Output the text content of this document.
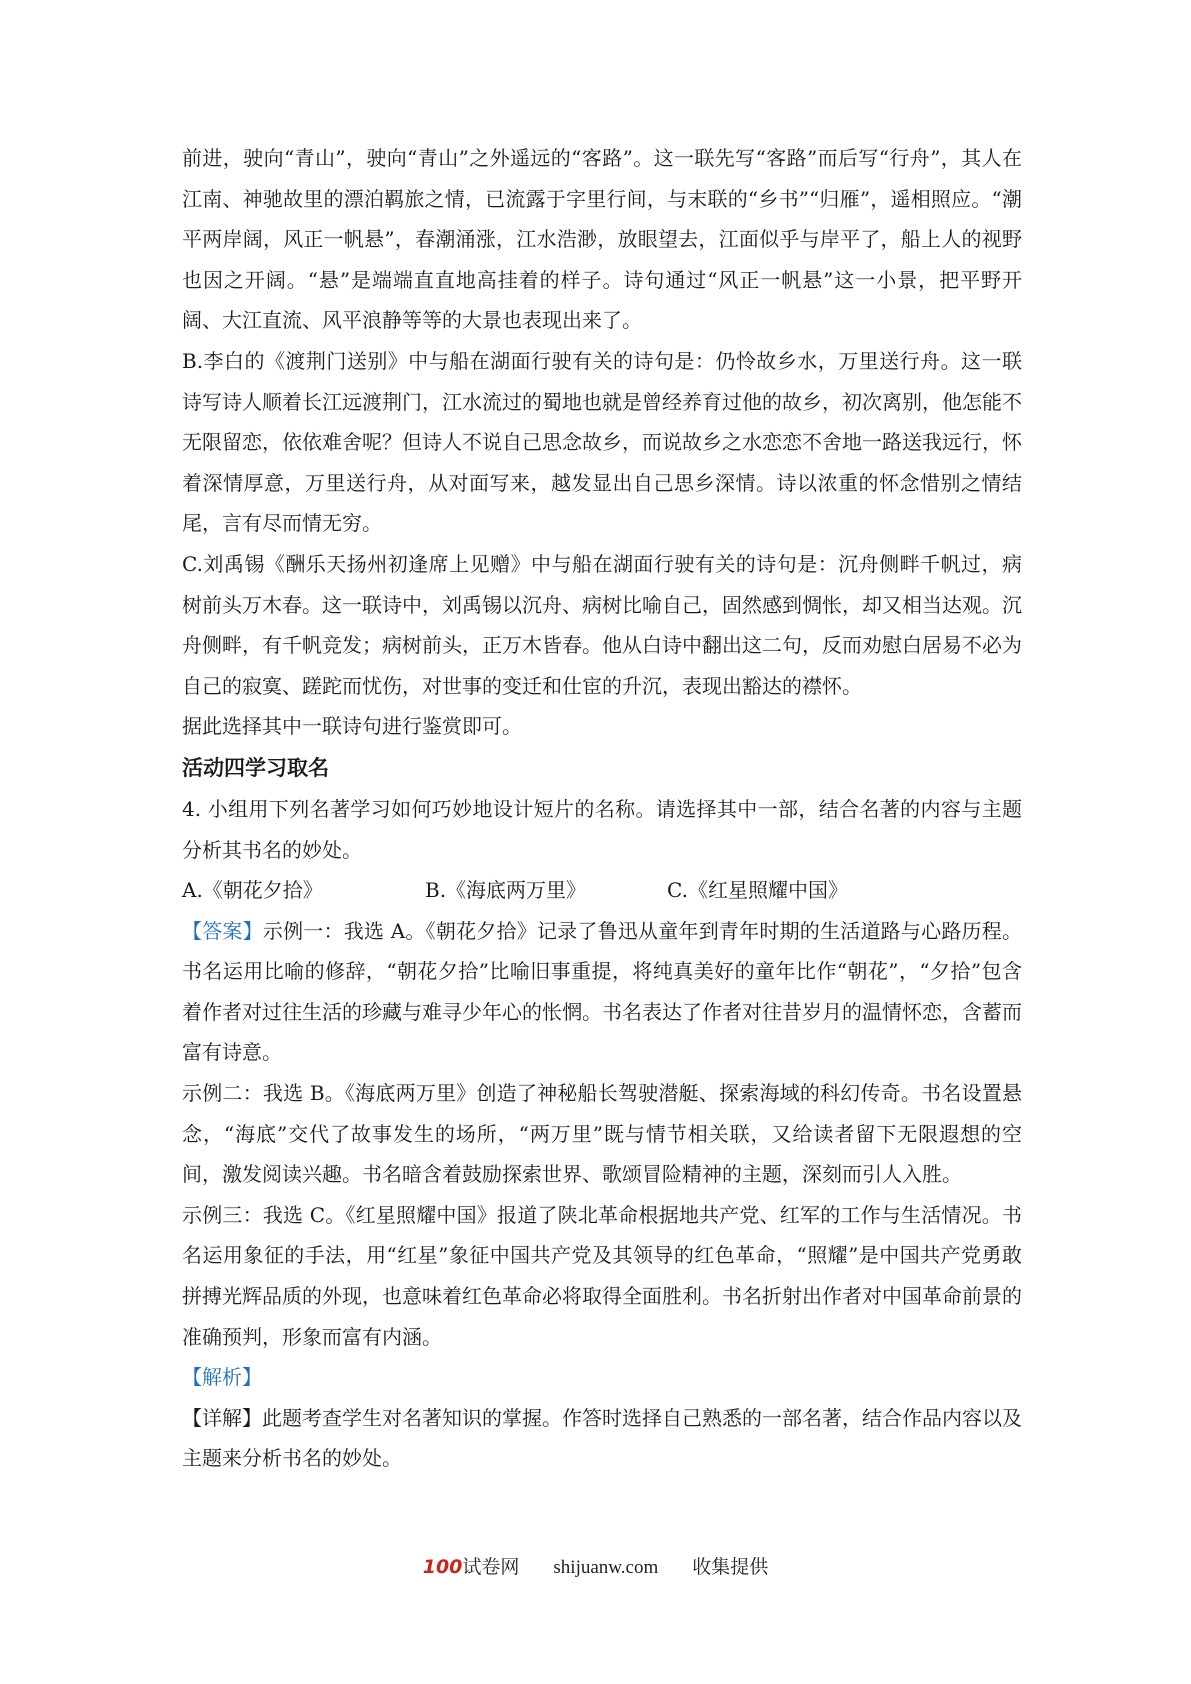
前进，驶向“青山”，驶向“青山”之外遥远的“客路”。这一联先写“客路”而后写“行舟”，其人在江南、神驰故里的漂泊羁旅之情，已流露于字里行间，与末联的“乡书”“归雁”，遥相照应。“潮平两岸阔，风正一帆悬”，春潮涌涨，江水浩渺，放眼望去，江面似乎与岸平了，船上人的视野也因之开阔。“悬”是端端直直地高挂着的样子。诗句通过“风正一帆悬”这一小景，把平野开阔、大江直流、风平浪静等等的大景也表现出来了。

B.李白的《渡荆门送别》中与船在湖面行驶有关的诗句是：仍怜故乡水，万里送行舟。这一联诗写诗人顺着长江远渡荆门，江水流过的蜀地也就是曾经养育过他的故乡，初次离别，他怎能不无限留恋，依依难舍呢？但诗人不说自己思念故乡，而说故乡之水恋恋不舍地一路送我远行，怀着深情厚意，万里送行舟，从对面写来，越发显出自己思乡深情。诗以浓重的怀念惜别之情结尾，言有尽而情无穷。

C.刘禹锡《酬乐天扬州初逢席上见赠》中与船在湖面行驶有关的诗句是：沉舟侧畔千帆过，病树前头万木春。这一联诗中，刘禹锡以沉舟、病树比喻自己，固然感到惆怅，却又相当达观。沉舟侧畔，有千帆竞发；病树前头，正万木皆春。他从白诗中翻出这二句，反而劝慰白居易不必为自己的寂寞、蹉跎而忧伤，对世事的变迁和仕宦的升沉，表现出豁达的襟怀。

据此选择其中一联诗句进行鉴赏即可。

活动四学习取名

4. 小组用下列名著学习如何巧妙地设计短片的名称。请选择其中一部，结合名著的内容与主题分析其书名的妙处。

A.《朝花夕拾》	B.《海底两万里》	C.《红星照耀中国》

【答案】示例一：我选 A。《朝花夕拾》记录了鲁迅从童年到青年时期的生活道路与心路历程。书名运用比喻的修辞，“朝花夕拾”比喻旧事重提，将纯真美好的童年比作“朝花”，“夕拾”包含着作者对过往生活的珍藏与难寻少年心的怅惘。书名表达了作者对往昔岁月的温情怀恋，含蓄而富有诗意。

示例二：我选 B。《海底两万里》创造了神秘船长驾驶潜艇、探索海域的科幻传奇。书名设置悬念，“海底”交代了故事发生的场所，“两万里”既与情节相关联，又给读者留下无限遐想的空间，激发阅读兴趣。书名暗含着鼓励探索世界、歌颂冒险精神的主题，深刻而引人入胜。

示例三：我选 C。《红星照耀中国》报道了陕北革命根据地共产党、红军的工作与生活情况。书名运用象征的手法，用“红星”象征中国共产党及其领导的红色革命，“照耀”是中国共产党勇敢拼搏光辉品质的外现，也意味着红色革命必将取得全面胜利。书名折射出作者对中国革命前景的准确预判，形象而富有内涵。

【解析】

【详解】此题考查学生对名著知识的掌握。作答时选择自己熟悉的一部名著，结合作品内容以及主题来分析书名的妙处。

100试卷网 shijuanw.com 收集提供
